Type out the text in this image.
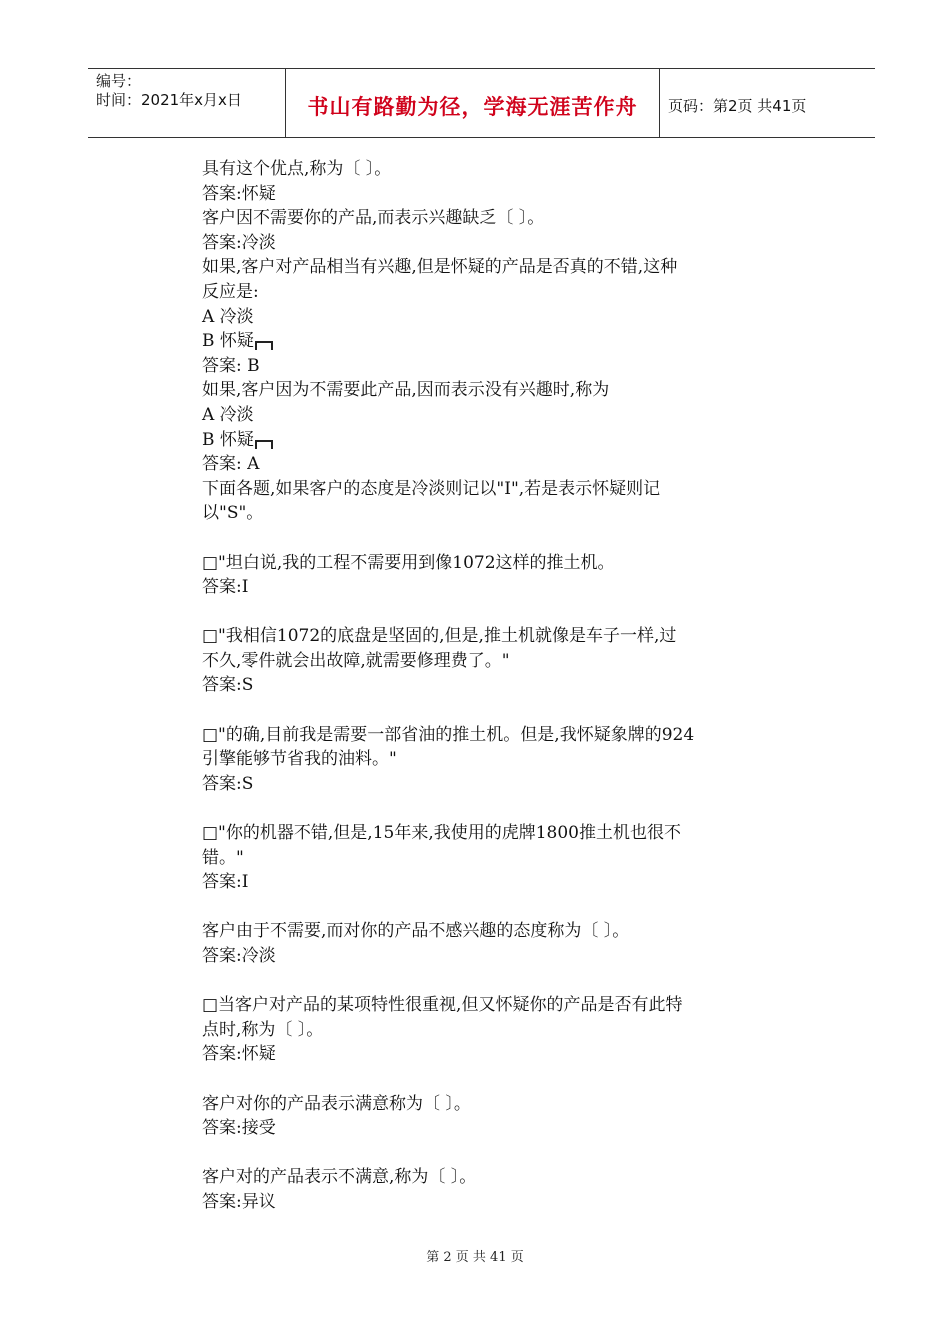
编号：
时间：2021年x月x日	书山有路勤为径，学海无涯苦作舟	页码：第2页 共41页
具有这个优点,称为〔 〕。
答案:怀疑
客户因不需要你的产品,而表示兴趣缺乏〔 〕。
答案:冷淡
如果,客户对产品相当有兴趣,但是怀疑的产品是否真的不错,这种
反应是:
A 冷淡
B 怀疑
答案: B
如果,客户因为不需要此产品,因而表示没有兴趣时,称为
A 冷淡
B 怀疑
答案: A
下面各题,如果客户的态度是冷淡则记以"I",若是表示怀疑则记
以"S"。
□"坦白说,我的工程不需要用到像1072这样的推土机。
答案:I
□"我相信1072的底盘是坚固的,但是,推土机就像是车子一样,过
不久,零件就会出故障,就需要修理费了。"
答案:S
□"的确,目前我是需要一部省油的推土机。但是,我怀疑象牌的924
引擎能够节省我的油料。"
答案:S
□"你的机器不错,但是,15年来,我使用的虎牌1800推土机也很不
错。"
答案:I
客户由于不需要,而对你的产品不感兴趣的态度称为〔 〕。
答案:冷淡
□当客户对产品的某项特性很重视,但又怀疑你的产品是否有此特
点时,称为〔 〕。
答案:怀疑
客户对你的产品表示满意称为〔 〕。
答案:接受
客户对的产品表示不满意,称为〔 〕。
答案:异议
第 2 页 共 41 页
